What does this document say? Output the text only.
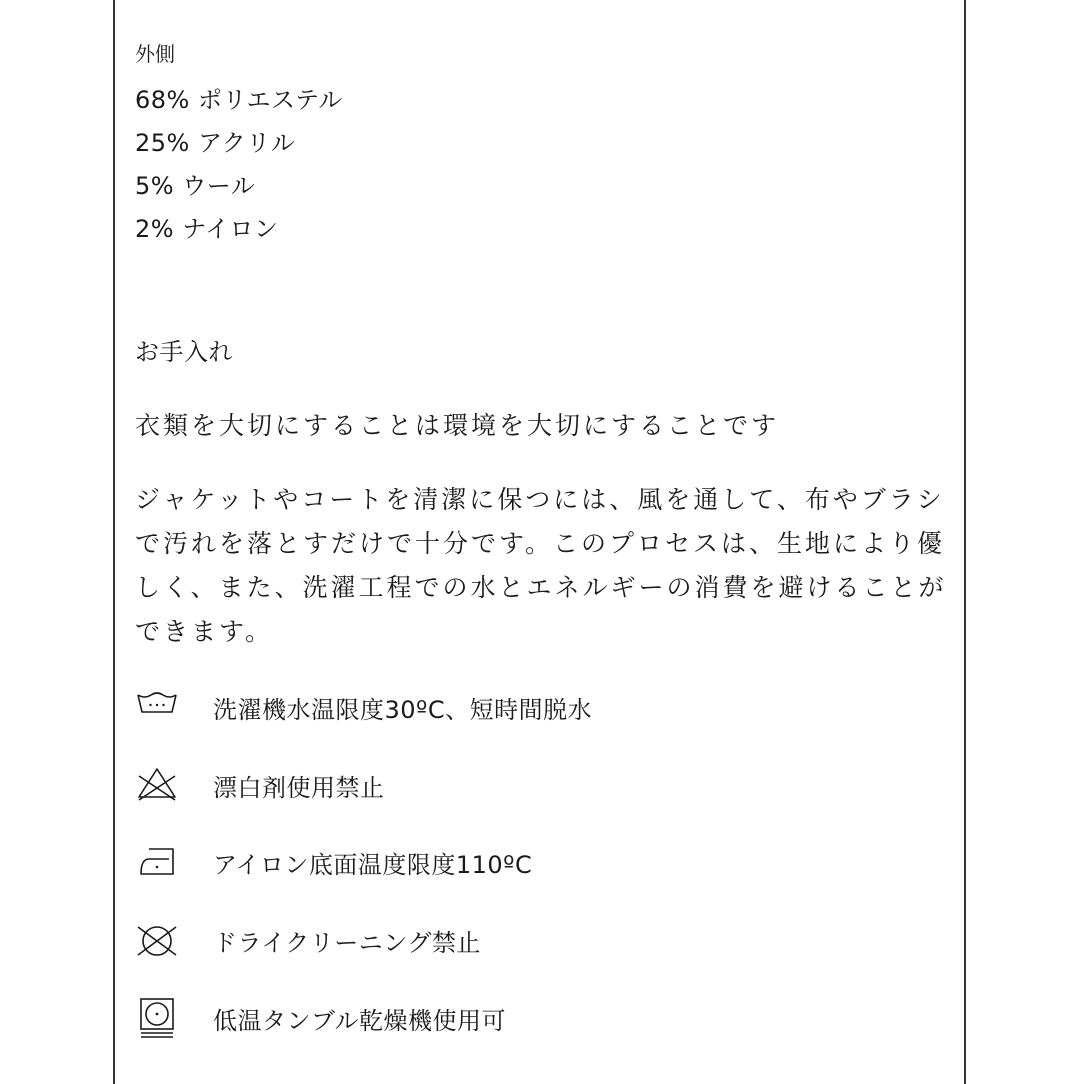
外側
68% ポリエステル
25% アクリル
5% ウール
2% ナイロン
お手入れ
衣類を大切にすることは環境を大切にすることです
ジャケットやコートを清潔に保つには、風を通して、布やブラシで汚れを落とすだけで十分です。このプロセスは、生地により優しく、また、洗濯工程での水とエネルギーの消費を避けることができます。
洗濯機水温限度30ºC、短時間脱水
漂白剤使用禁止
アイロン底面温度限度110ºC
ドライクリーニング禁止
低温タンブル乾燥機使用可
